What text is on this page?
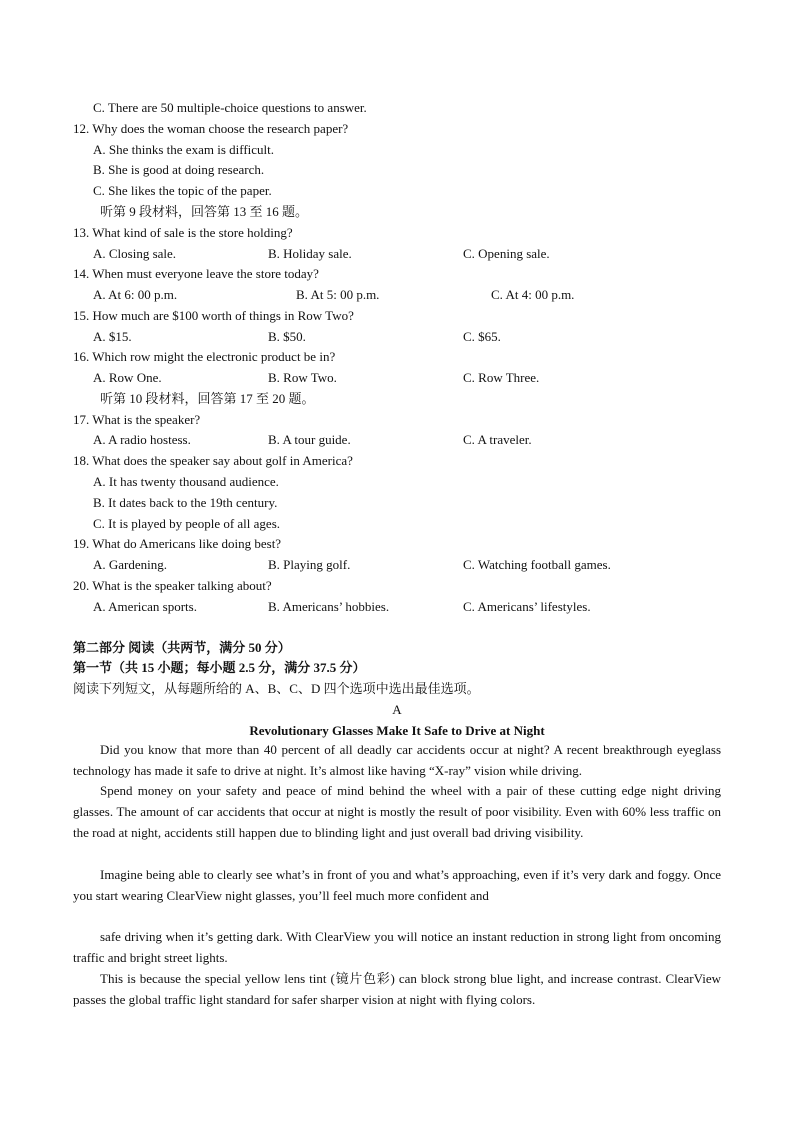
C. There are 50 multiple-choice questions to answer.
12. Why does the woman choose the research paper?
A. She thinks the exam is difficult.
B. She is good at doing research.
C. She likes the topic of the paper.
听第 9 段材料，回答第 13 至 16 题。
13. What kind of sale is the store holding?
A. Closing sale.	B. Holiday sale.	C. Opening sale.
14. When must everyone leave the store today?
A. At 6: 00 p.m.	B. At 5: 00 p.m.	C. At 4: 00 p.m.
15. How much are $100 worth of things in Row Two?
A. $15.	B. $50.	C. $65.
16. Which row might the electronic product be in?
A. Row One.	B. Row Two.	C. Row Three.
听第 10 段材料，回答第 17 至 20 题。
17. What is the speaker?
A. A radio hostess.	B. A tour guide.	C. A traveler.
18. What does the speaker say about golf in America?
A. It has twenty thousand audience.
B. It dates back to the 19th century.
C. It is played by people of all ages.
19. What do Americans like doing best?
A. Gardening.	B. Playing golf.	C. Watching football games.
20. What is the speaker talking about?
A. American sports.	B. Americans’ hobbies.	C. Americans’ lifestyles.
第二部分 阅读（共两节，满分 50 分）
第一节（共 15 小题；每小题 2.5 分，满分 37.5 分）
阅读下列短文，从每题所给的 A、B、C、D 四个选项中选出最佳选项。
A
Revolutionary Glasses Make It Safe to Drive at Night
Did you know that more than 40 percent of all deadly car accidents occur at night? A recent breakthrough eyeglass technology has made it safe to drive at night. It’s almost like having “X-ray” vision while driving.
Spend money on your safety and peace of mind behind the wheel with a pair of these cutting edge night driving glasses. The amount of car accidents that occur at night is mostly the result of poor visibility. Even with 60% less traffic on the road at night, accidents still happen due to blinding light and just overall bad driving visibility.
Imagine being able to clearly see what’s in front of you and what’s approaching, even if it’s very dark and foggy. Once you start wearing ClearView night glasses, you’ll feel much more confident and
safe driving when it’s getting dark. With ClearView you will notice an instant reduction in strong light from oncoming traffic and bright street lights.
This is because the special yellow lens tint (镜片色彩) can block strong blue light, and increase contrast. ClearView passes the global traffic light standard for safer sharper vision at night with flying colors.
